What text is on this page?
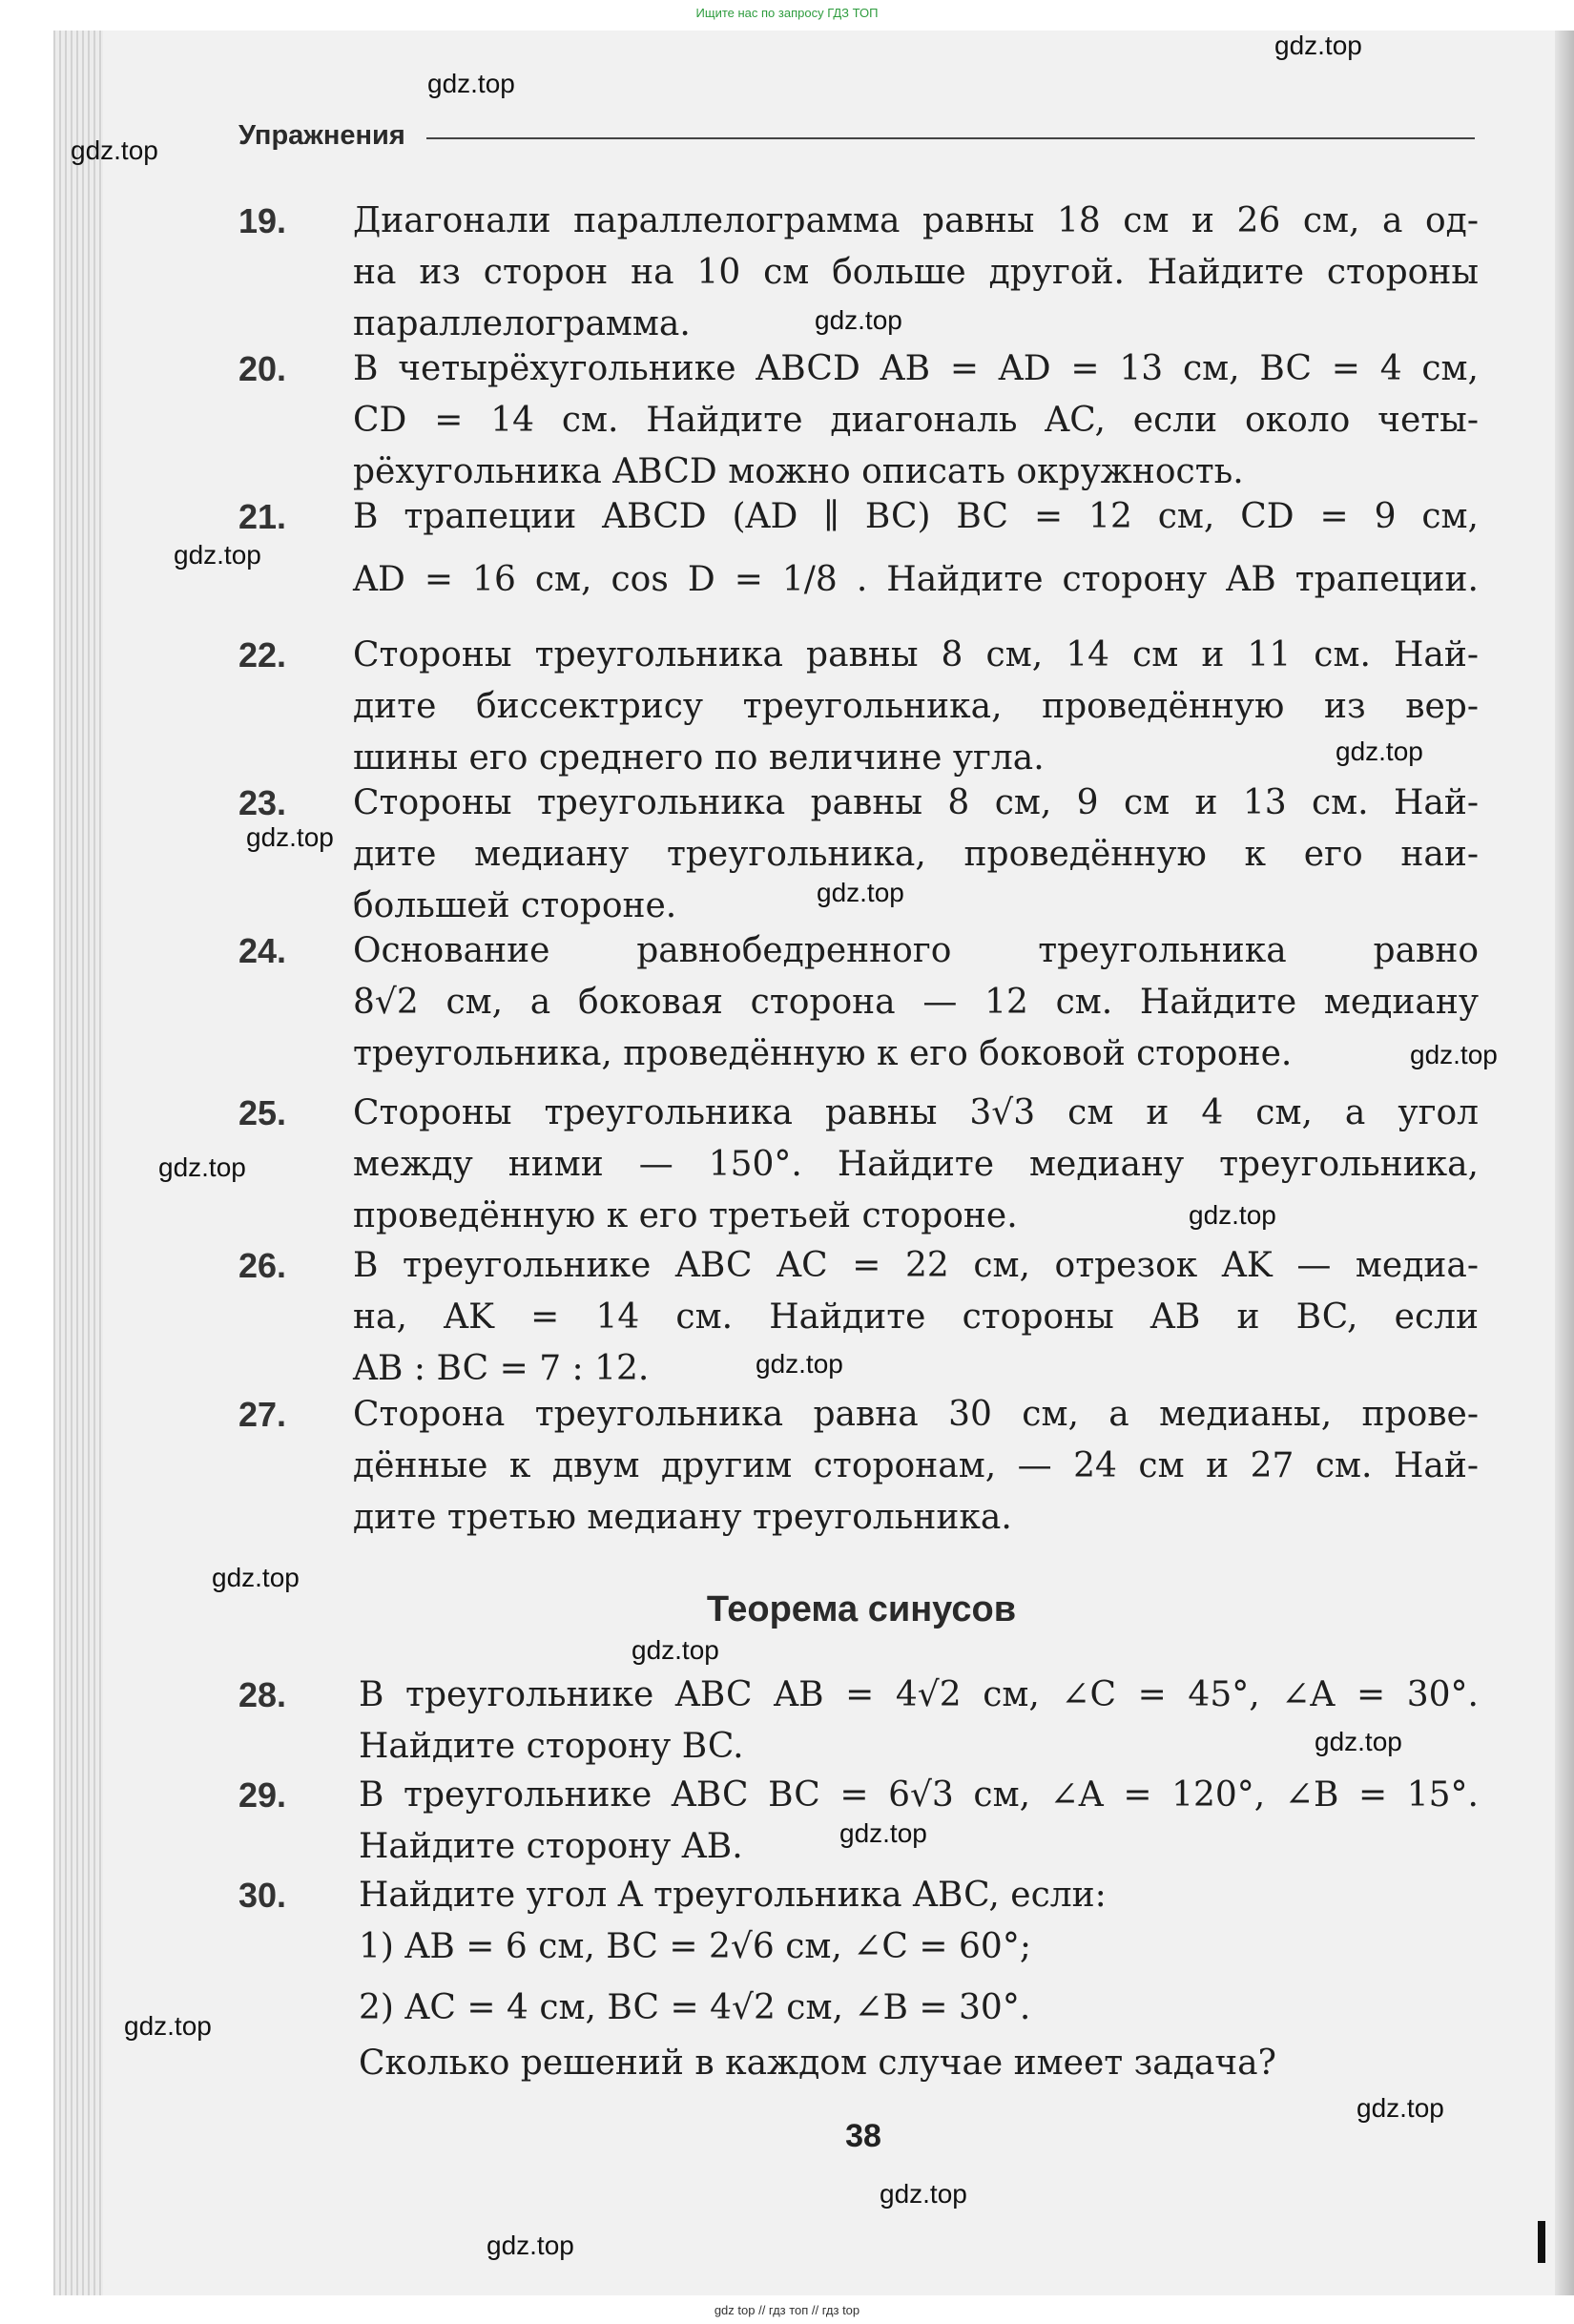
Ищите нас по запросу ГДЗ ТОП
Упражнения
19. Диагонали параллелограмма равны 18 см и 26 см, а од-
на из сторон на 10 см больше другой. Найдите стороны
параллелограмма.
20. В четырёхугольнике ABCD AB = AD = 13 см, BC = 4 см,
CD = 14 см. Найдите диагональ AC, если около четы-
рёхугольника ABCD можно описать окружность.
21. В трапеции ABCD (AD ∥ BC) BC = 12 см, CD = 9 см,
AD = 16 см, cos D = 1/8 . Найдите сторону AB трапеции.
22. Стороны треугольника равны 8 см, 14 см и 11 см. Най-
дите биссектрису треугольника, проведённую из вер-
шины его среднего по величине угла.
23. Стороны треугольника равны 8 см, 9 см и 13 см. Най-
дите медиану треугольника, проведённую к его наи-
большей стороне.
24. Основание равнобедренного треугольника равно
8√2 см, а боковая сторона — 12 см. Найдите медиану
треугольника, проведённую к его боковой стороне.
25. Стороны треугольника равны 3√3 см и 4 см, а угол
между ними — 150°. Найдите медиану треугольника,
проведённую к его третьей стороне.
26. В треугольнике ABC AC = 22 см, отрезок AK — медиа-
на, AK = 14 см. Найдите стороны AB и BC, если
AB : BC = 7 : 12.
27. Сторона треугольника равна 30 см, а медианы, прове-
дённые к двум другим сторонам, — 24 см и 27 см. Най-
дите третью медиану треугольника.
Теорема синусов
28. В треугольнике ABC AB = 4√2 см, ∠C = 45°, ∠A = 30°.
Найдите сторону BC.
29. В треугольнике ABC BC = 6√3 см, ∠A = 120°, ∠B = 15°.
Найдите сторону AB.
30. Найдите угол A треугольника ABC, если:
1) AB = 6 см, BC = 2√6 см, ∠C = 60°;
2) AC = 4 см, BC = 4√2 см, ∠B = 30°.
Сколько решений в каждом случае имеет задача?
38
gdz.top
gdz.top
gdz.top
gdz.top
gdz.top
gdz.top
gdz.top
gdz.top
gdz.top
gdz.top
gdz.top
gdz.top
gdz.top
gdz.top
gdz.top
gdz.top
gdz.top
gdz.top
gdz.top
gdz.top
gdz top // гдз топ // гдз top
